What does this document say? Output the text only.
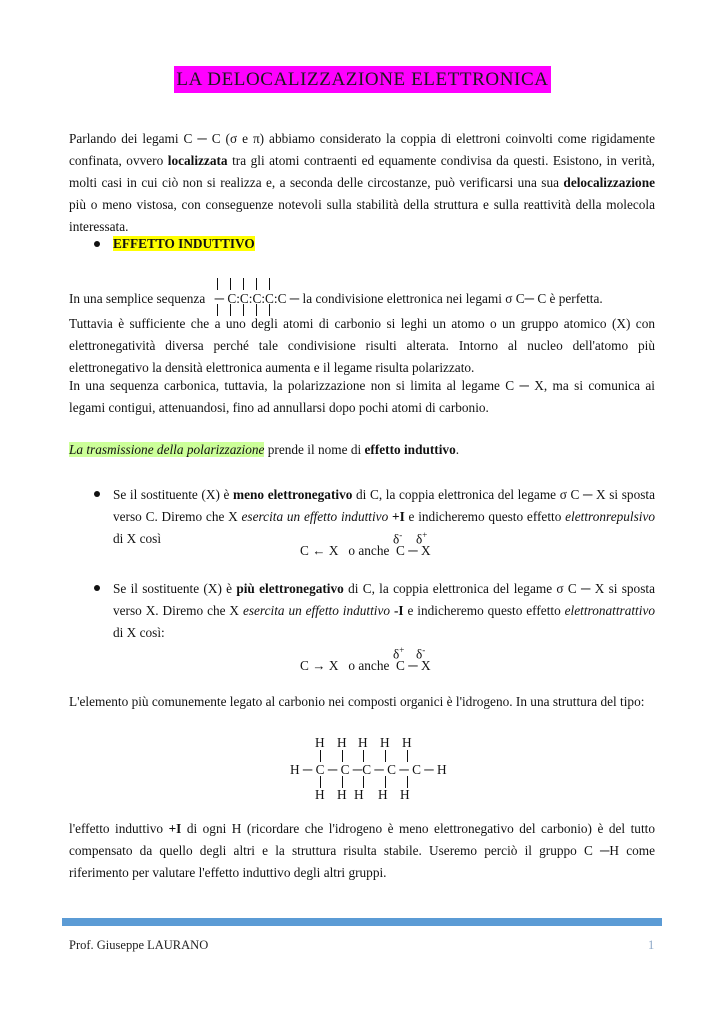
LA DELOCALIZZAZIONE ELETTRONICA
Parlando dei legami C ─ C (σ e π) abbiamo considerato la coppia di elettroni coinvolti come rigidamente confinata, ovvero localizzata tra gli atomi contraenti ed equamente condivisa da questi. Esistono, in verità, molti casi in cui ciò non si realizza e, a seconda delle circostanze, può verificarsi una sua delocalizzazione più o meno vistosa, con conseguenze notevoli sulla stabilità della struttura e sulla reattività della molecola interessata.
EFFETTO INDUTTIVO
In una semplice sequenza ─ C:C:C:C:C ─ la condivisione elettronica nei legami σ C─ C è perfetta.
Tuttavia è sufficiente che a uno degli atomi di carbonio si leghi un atomo o un gruppo atomico (X) con elettronegatività diversa perché tale condivisione risulti alterata. Intorno al nucleo dell'atomo più elettronegativo la densità elettronica aumenta e il legame risulta polarizzato.
In una sequenza carbonica, tuttavia, la polarizzazione non si limita al legame C ─ X, ma si comunica ai legami contigui, attenuandosi, fino ad annullarsi dopo pochi atomi di carbonio.
La trasmissione della polarizzazione prende il nome di effetto induttivo.
Se il sostituente (X) è meno elettronegativo di C, la coppia elettronica del legame σ C ─ X si sposta verso C. Diremo che X esercita un effetto induttivo +I e indicheremo questo effetto elettronrepulsivo di X così	δ- δ+
C ← X o anche C ─ X
Se il sostituente (X) è più elettronegativo di C, la coppia elettronica del legame σ C ─ X si sposta verso X. Diremo che X esercita un effetto induttivo -I e indicheremo questo effetto elettronattrattivo di X così:
δ+ δ-
C → X o anche C ─ X
L'elemento più comunemente legato al carbonio nei composti organici è l'idrogeno. In una struttura del tipo:
H H H H H
H ─ C ─ C ─C ─ C ─ C ─ H
H H H H H
l'effetto induttivo +I di ogni H (ricordare che l'idrogeno è meno elettronegativo del carbonio) è del tutto compensato da quello degli altri e la struttura risulta stabile. Useremo perciò il gruppo C ─H come riferimento per valutare l'effetto induttivo degli altri gruppi.
Prof. Giuseppe LAURANO	1
